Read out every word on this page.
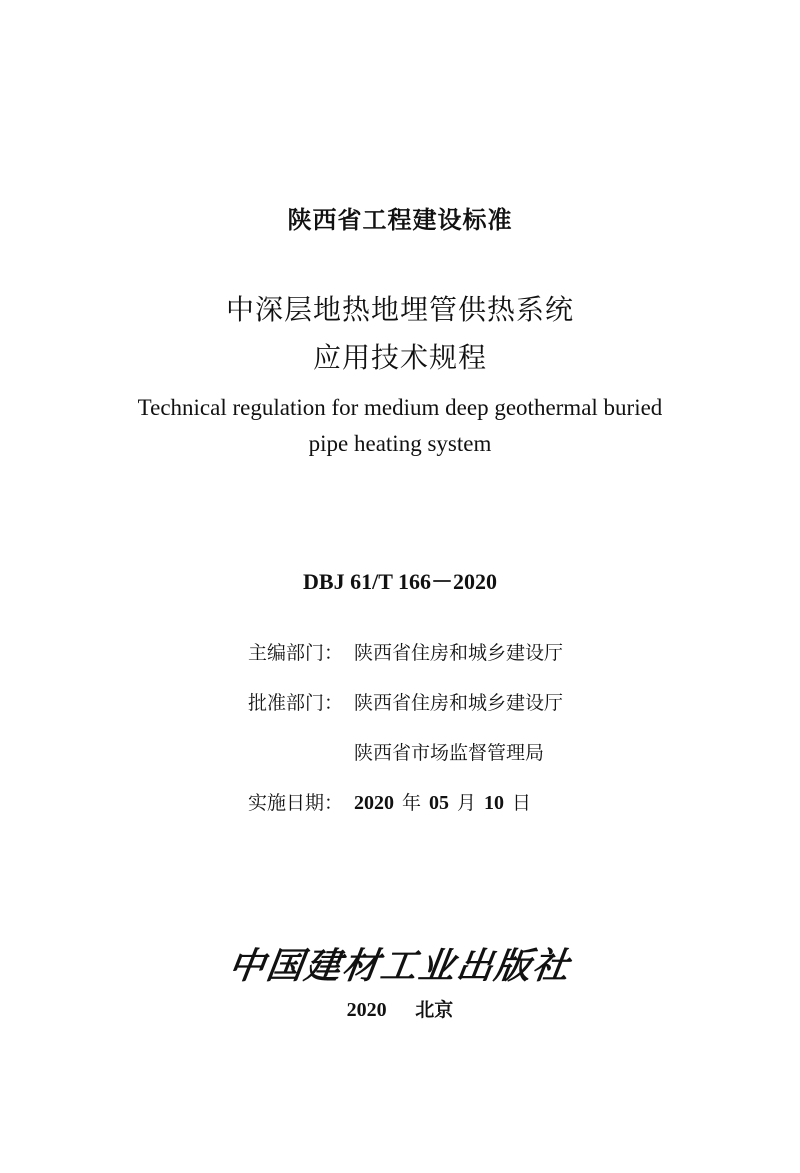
陕西省工程建设标准
中深层地热地埋管供热系统
应用技术规程
Technical regulation for medium deep geothermal buried
pipe heating system
DBJ 61/T 166－2020
主编部门： 陕西省住房和城乡建设厅
批准部门： 陕西省住房和城乡建设厅
陕西省市场监督管理局
实施日期： 2020 年 05 月 10 日
中国建材工业出版社
2020 北京
